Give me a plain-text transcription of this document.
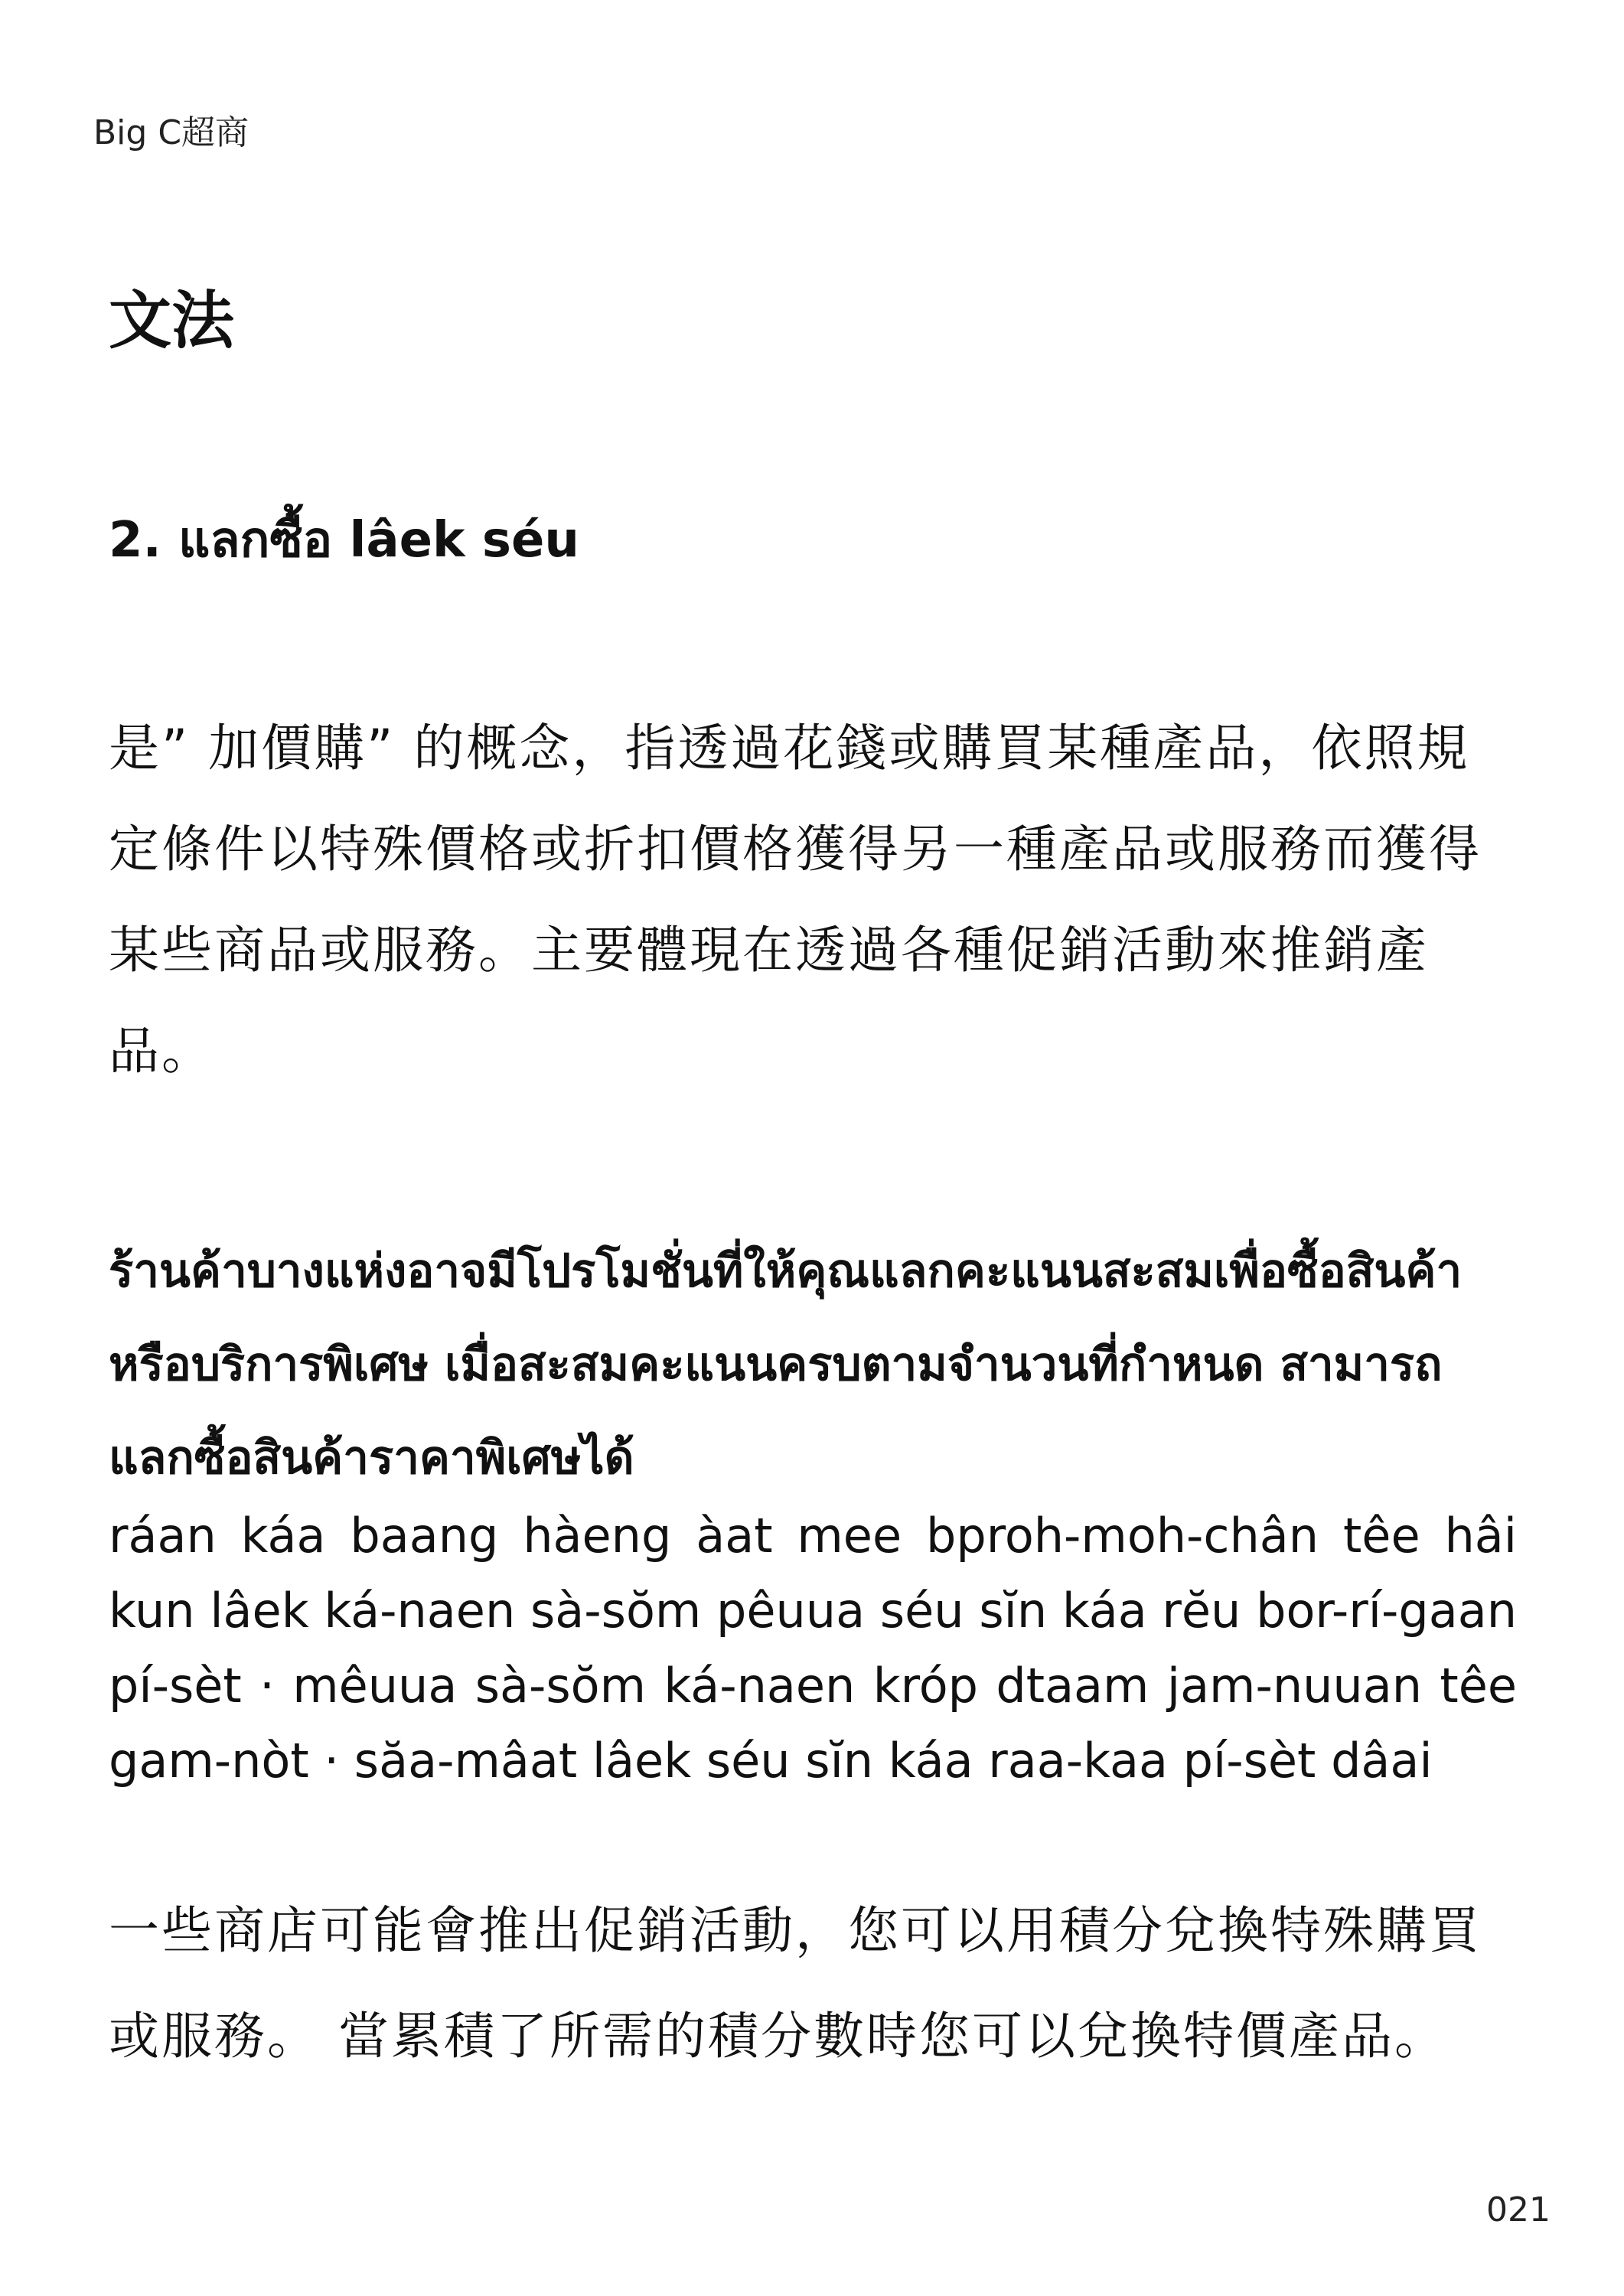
Big C超商
文法
2. แลกซื้อ lâek séu

是” 加價購” 的概念，指透過花錢或購買某種產品，依照規定條件以特殊價格或折扣價格獲得另一種產品或服務而獲得某些商品或服務。主要體現在透過各種促銷活動來推銷產品。

ร้านค้าบางแห่งอาจมีโปรโมชั่นที่ให้คุณแลกคะแนนสะสมเพื่อซื้อสินค้าหรือบริการพิเศษ เมื่อสะสมคะแนนครบตามจำนวนที่กำหนด สามารถแลกซื้อสินค้าราคาพิเศษได้

ráan káa baang hàeng àat mee bproh-moh-chân têe hâi kun lâek ká-naen sà-sŏm pêuua séu sĭn káa rĕu bor-rí-gaan pí-sèt · mêuua sà-sŏm ká-naen króp dtaam jam-nuuan têe gam-nòt · săa-mâat lâek séu sĭn káa raa-kaa pí-sèt dâai

一些商店可能會推出促銷活動，您可以用積分兌換特殊購買或服務。 當累積了所需的積分數時您可以兌換特價產品。

021
